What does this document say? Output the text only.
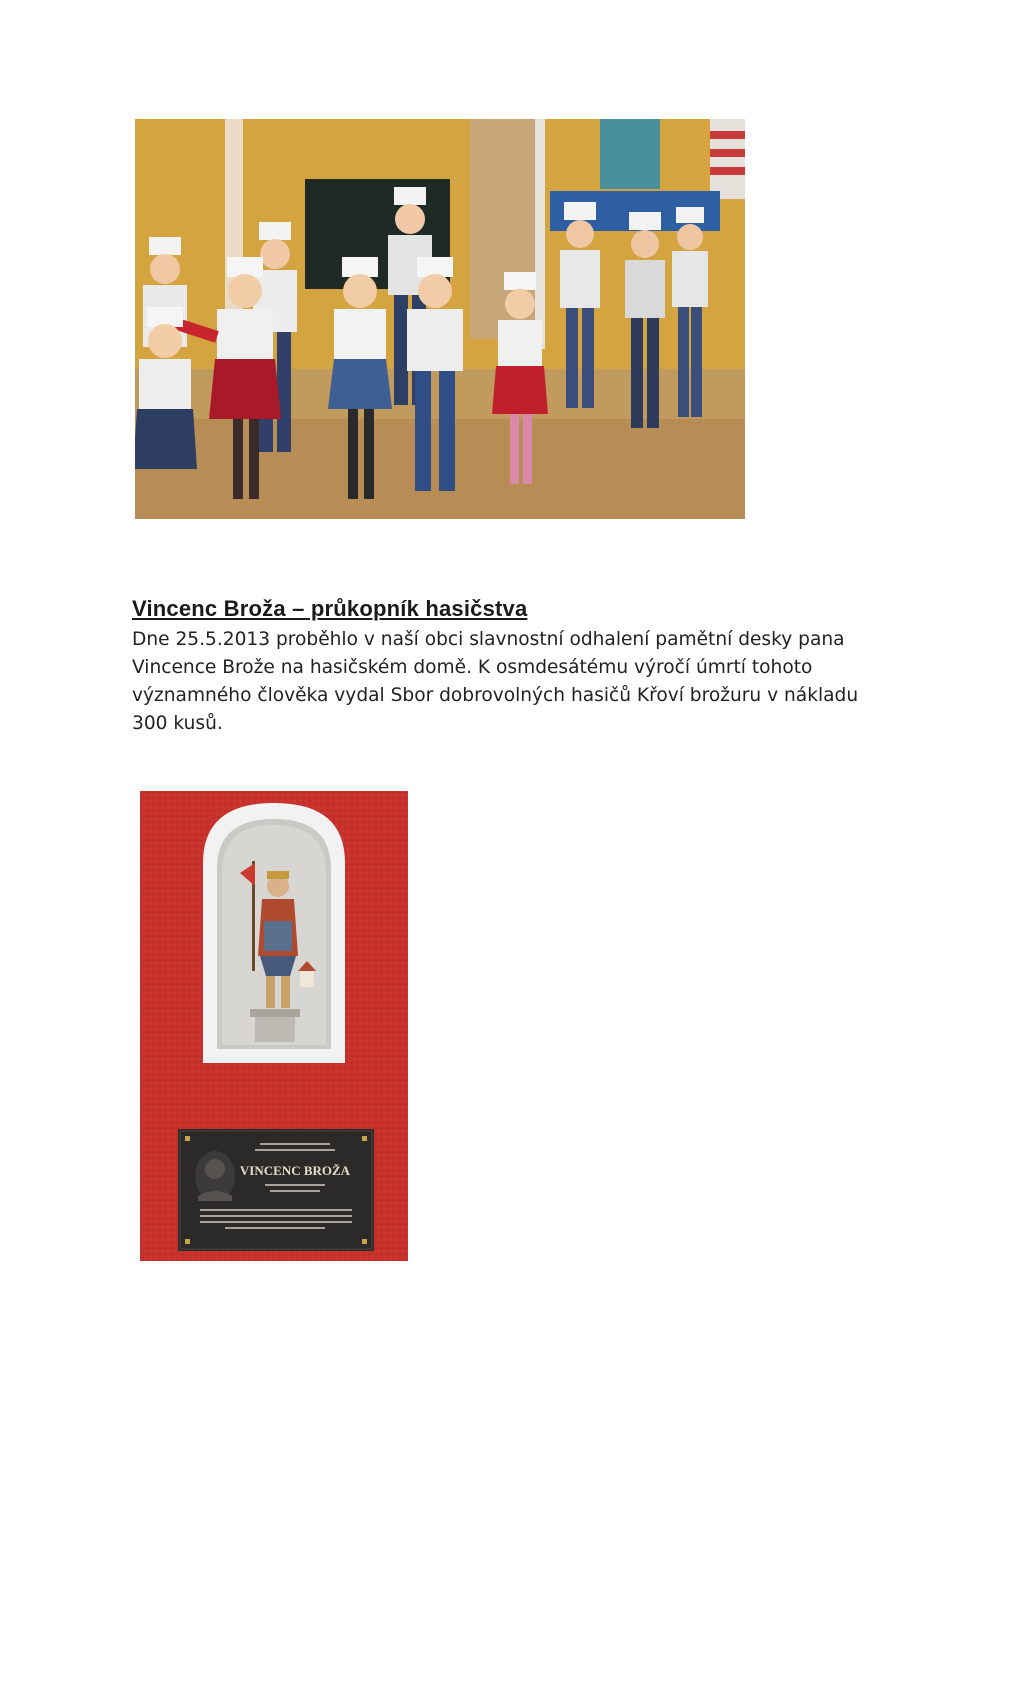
Vincenc Broža – průkopník hasičstva

Dne 25.5.2013 proběhlo v naší obci slavnostní odhalení pamětní desky pana Vincence Brože na hasičském domě. K osmdesátému výročí úmrtí tohoto významného člověka vydal Sbor dobrovolných hasičů Křoví brožuru v nákladu 300 kusů.

VINCENC BROŽA
